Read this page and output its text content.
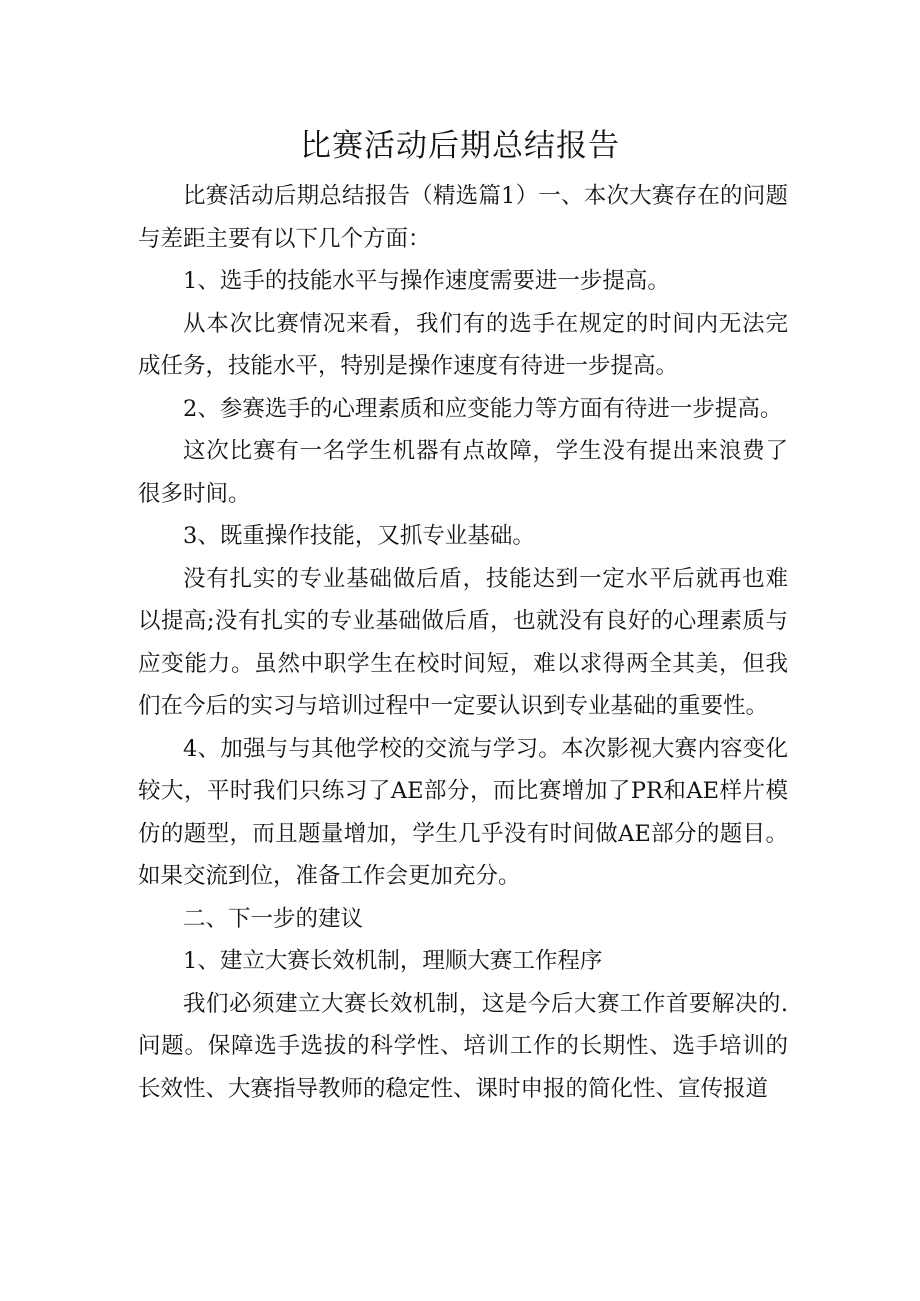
比赛活动后期总结报告

比赛活动后期总结报告（精选篇1）一、本次大赛存在的问题与差距主要有以下几个方面：

1、选手的技能水平与操作速度需要进一步提高。

从本次比赛情况来看，我们有的选手在规定的时间内无法完成任务，技能水平，特别是操作速度有待进一步提高。

2、参赛选手的心理素质和应变能力等方面有待进一步提高。

这次比赛有一名学生机器有点故障，学生没有提出来浪费了很多时间。

3、既重操作技能，又抓专业基础。

没有扎实的专业基础做后盾，技能达到一定水平后就再也难以提高;没有扎实的专业基础做后盾，也就没有良好的心理素质与应变能力。虽然中职学生在校时间短，难以求得两全其美，但我们在今后的实习与培训过程中一定要认识到专业基础的重要性。

4、加强与与其他学校的交流与学习。本次影视大赛内容变化较大，平时我们只练习了AE部分，而比赛增加了PR和AE样片模仿的题型，而且题量增加，学生几乎没有时间做AE部分的题目。如果交流到位，准备工作会更加充分。

二、下一步的建议

1、建立大赛长效机制，理顺大赛工作程序

我们必须建立大赛长效机制，这是今后大赛工作首要解决的.问题。保障选手选拔的科学性、培训工作的长期性、选手培训的长效性、大赛指导教师的稳定性、课时申报的简化性、宣传报道
